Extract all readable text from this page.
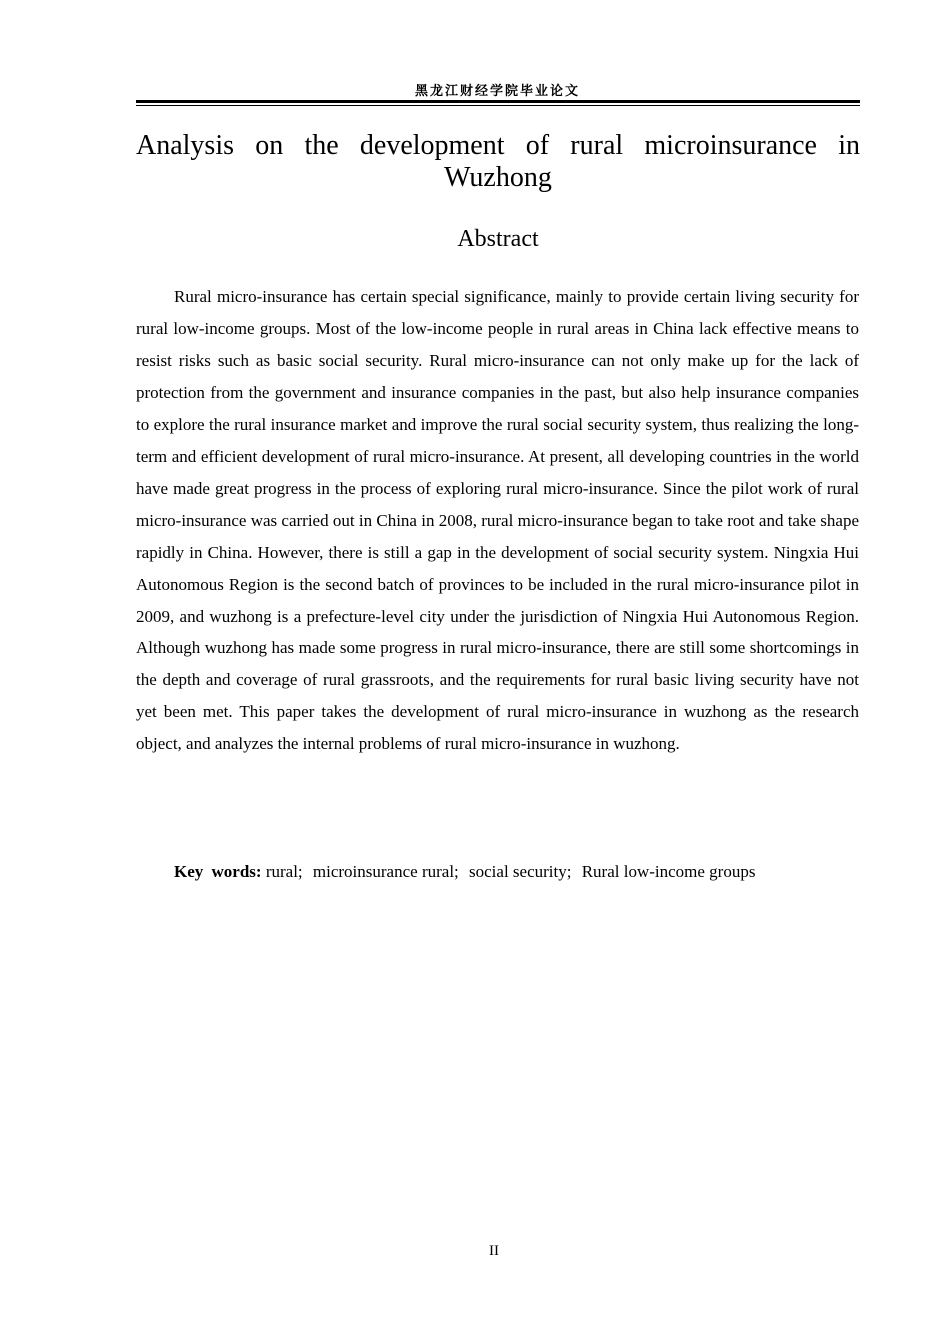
黑龙江财经学院毕业论文
Analysis on the development of rural microinsurance in Wuzhong
Abstract

Rural micro-insurance has certain special significance, mainly to provide certain living security for rural low-income groups. Most of the low-income people in rural areas in China lack effective means to resist risks such as basic social security. Rural micro-insurance can not only make up for the lack of protection from the government and insurance companies in the past, but also help insurance companies to explore the rural insurance market and improve the rural social security system, thus realizing the long-term and efficient development of rural micro-insurance. At present, all developing countries in the world have made great progress in the process of exploring rural micro-insurance. Since the pilot work of rural micro-insurance was carried out in China in 2008, rural micro-insurance began to take root and take shape rapidly in China. However, there is still a gap in the development of social security system. Ningxia Hui Autonomous Region is the second batch of provinces to be included in the rural micro-insurance pilot in 2009, and wuzhong is a prefecture-level city under the jurisdiction of Ningxia Hui Autonomous Region. Although wuzhong has made some progress in rural micro-insurance, there are still some shortcomings in the depth and coverage of rural grassroots, and the requirements for rural basic living security have not yet been met. This paper takes the development of rural micro-insurance in wuzhong as the research object, and analyzes the internal problems of rural micro-insurance in wuzhong.

Key words: rural; microinsurance rural; social security; Rural low-income groups
II
